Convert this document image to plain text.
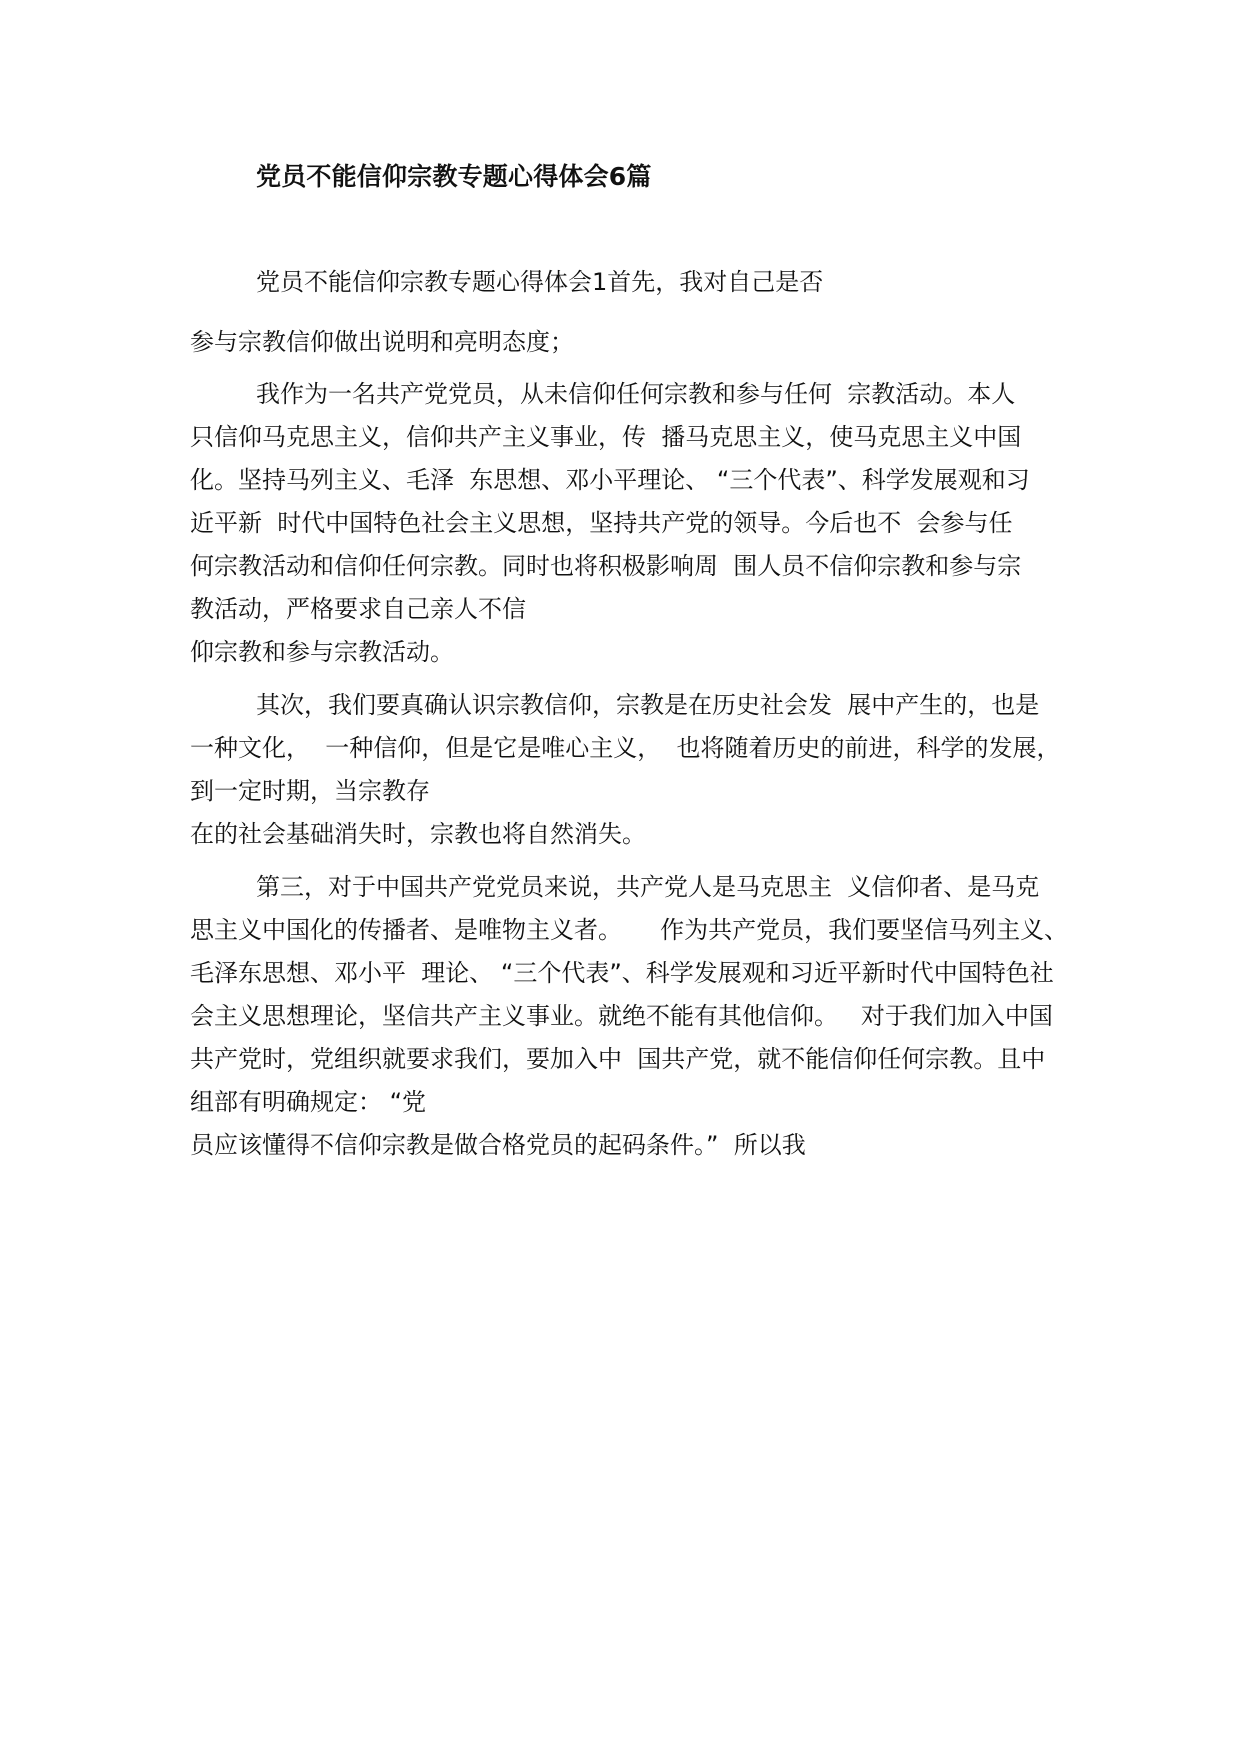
党员不能信仰宗教专题心得体会6篇
党员不能信仰宗教专题心得体会1首先，我对自己是否
参与宗教信仰做出说明和亮明态度；
我作为一名共产党党员，从未信仰任何宗教和参与任何  宗教活动。本人
只信仰马克思主义，信仰共产主义事业，传  播马克思主义，使马克思主义中国
化。坚持马列主义、毛泽  东思想、邓小平理论、 “三个代表”、科学发展观和习
近平新  时代中国特色社会主义思想，坚持共产党的领导。今后也不  会参与任
何宗教活动和信仰任何宗教。同时也将积极影响周  围人员不信仰宗教和参与宗
教活动，严格要求自己亲人不信
仰宗教和参与宗教活动。
其次，我们要真确认识宗教信仰，宗教是在历史社会发  展中产生的，也是
一种文化，  一种信仰，但是它是唯心主义，  也将随着历史的前进，科学的发展，
到一定时期，当宗教存
在的社会基础消失时，宗教也将自然消失。
第三，对于中国共产党党员来说，共产党人是马克思主  义信仰者、是马克
思主义中国化的传播者、是唯物主义者。     作为共产党员，我们要坚信马列主义、
毛泽东思想、邓小平  理论、 “三个代表”、科学发展观和习近平新时代中国特色社
会主义思想理论，坚信共产主义事业。就绝不能有其他信仰。   对于我们加入中国
共产党时，党组织就要求我们，要加入中  国共产党，就不能信仰任何宗教。且中
组部有明确规定： “党
员应该懂得不信仰宗教是做合格党员的起码条件。”  所以我
